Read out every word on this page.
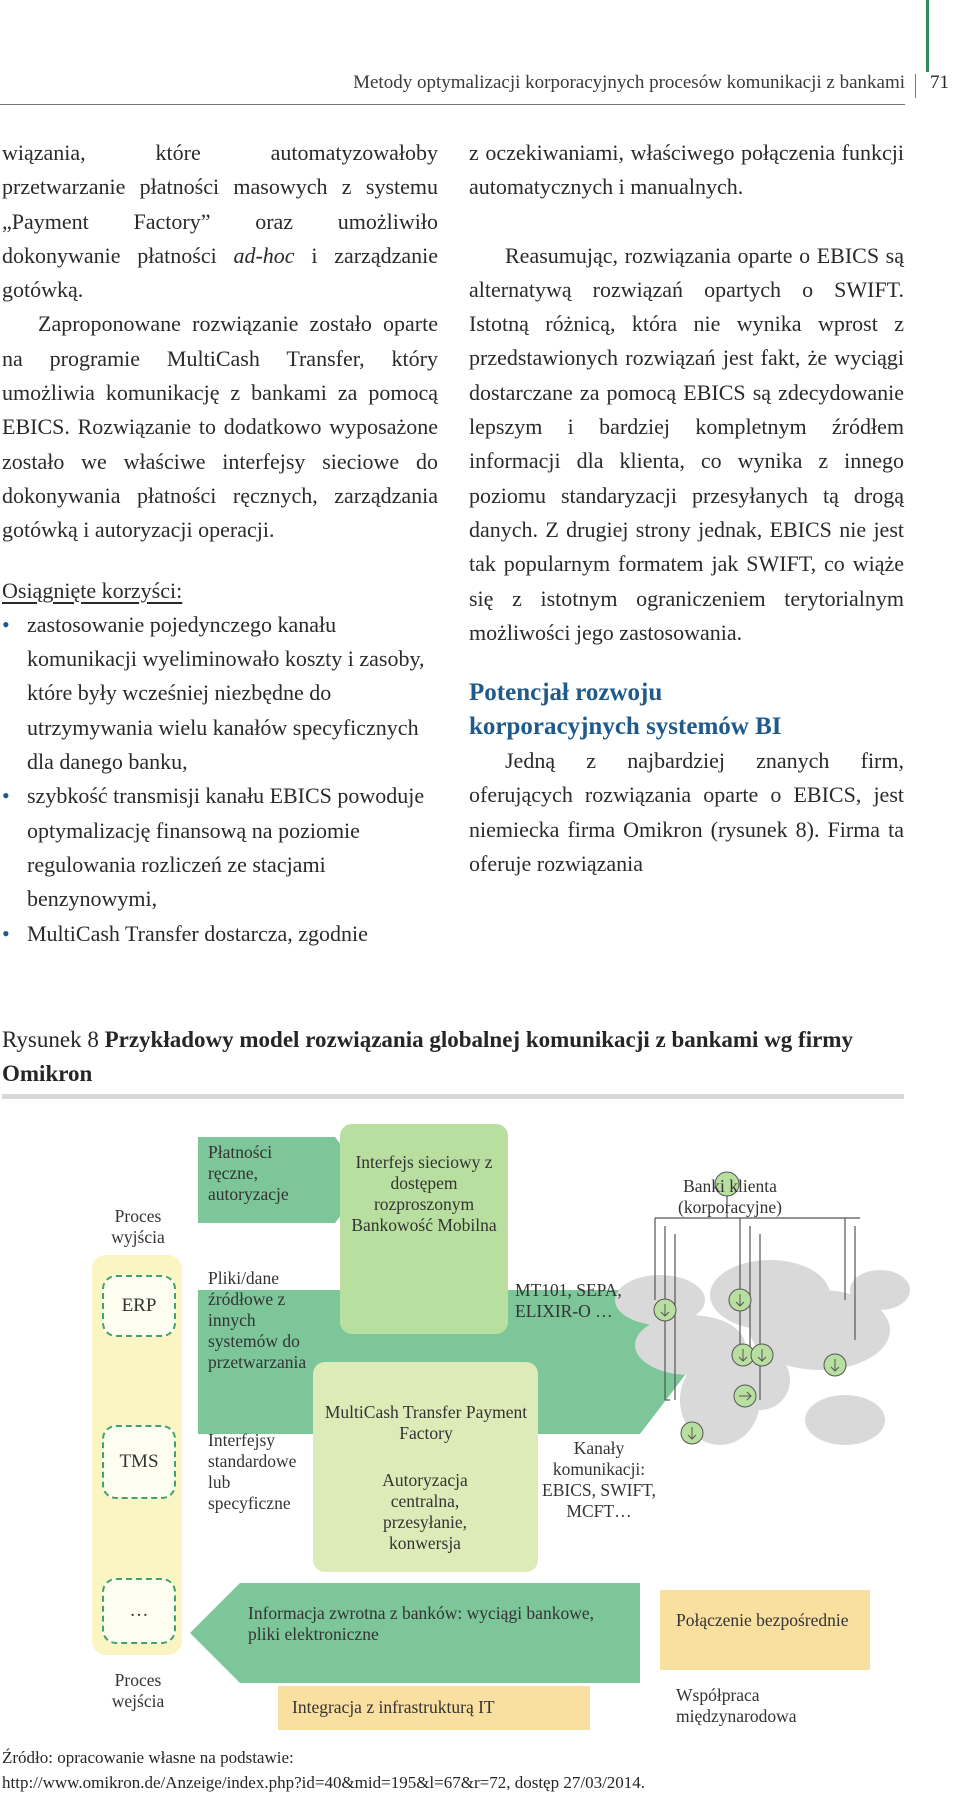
Metody optymalizacji korporacyjnych procesów komunikacji z bankami 71

wiązania, które automatyzowałoby przetwarzanie płatności masowych z systemu „Payment Factory” oraz umożliwiło dokonywanie płatności ad-hoc i zarządzanie gotówką.

Zaproponowane rozwiązanie zostało oparte na programie MultiCash Transfer, który umożliwia komunikację z bankami za pomocą EBICS. Rozwiązanie to dodatkowo wyposażone zostało we właściwe interfejsy sieciowe do dokonywania płatności ręcznych, zarządzania gotówką i autoryzacji operacji.

Osiągnięte korzyści:

• zastosowanie pojedynczego kanału komunikacji wyeliminowało koszty i zasoby, które były wcześniej niezbędne do utrzymywania wielu kanałów specyficznych dla danego banku,
• szybkość transmisji kanału EBICS powoduje optymalizację finansową na poziomie regulowania rozliczeń ze stacjami benzynowymi,
• MultiCash Transfer dostarcza, zgodnie

z oczekiwaniami, właściwego połączenia funkcji automatycznych i manualnych.

Reasumując, rozwiązania oparte o EBICS są alternatywą rozwiązań opartych o SWIFT. Istotną różnicą, która nie wynika wprost z przedstawionych rozwiązań jest fakt, że wyciągi dostarczane za pomocą EBICS są zdecydowanie lepszym i bardziej kompletnym źródłem informacji dla klienta, co wynika z innego poziomu standaryzacji przesyłanych tą drogą danych. Z drugiej strony jednak, EBICS nie jest tak popularnym formatem jak SWIFT, co wiąże się z istotnym ograniczeniem terytorialnym możliwości jego zastosowania.

Potencjał rozwoju
korporacyjnych systemów BI

Jedną z najbardziej znanych firm, oferujących rozwiązania oparte o EBICS, jest niemiecka firma Omikron (rysunek 8). Firma ta oferuje rozwiązania

Rysunek 8 Przykładowy model rozwiązania globalnej komunikacji z bankami wg firmy Omikron
Proces wyjścia
ERP
TMS
…
Proces wejścia
Płatności ręczne, autoryzacje
Pliki/dane źródłowe z innych systemów do przetwarzania
Interfejsy standardowe lub specyficzne
Interfejs sieciowy z dostępem rozproszonym Bankowość Mobilna
MultiCash Transfer Payment Factory
Autoryzacja centralna, przesyłanie, konwersja
MT101, SEPA, ELIXIR-O …
Kanały komunikacji: EBICS, SWIFT, MCFT…
Banki klienta (korporacyjne)
Informacja zwrotna z banków: wyciągi bankowe, pliki elektroniczne
Integracja z infrastrukturą IT
Połączenie bezpośrednie
Współpraca międzynarodowa
Źródło: opracowanie własne na podstawie:
http://www.omikron.de/Anzeige/index.php?id=40&mid=195&l=67&r=72, dostęp 27/03/2014.
